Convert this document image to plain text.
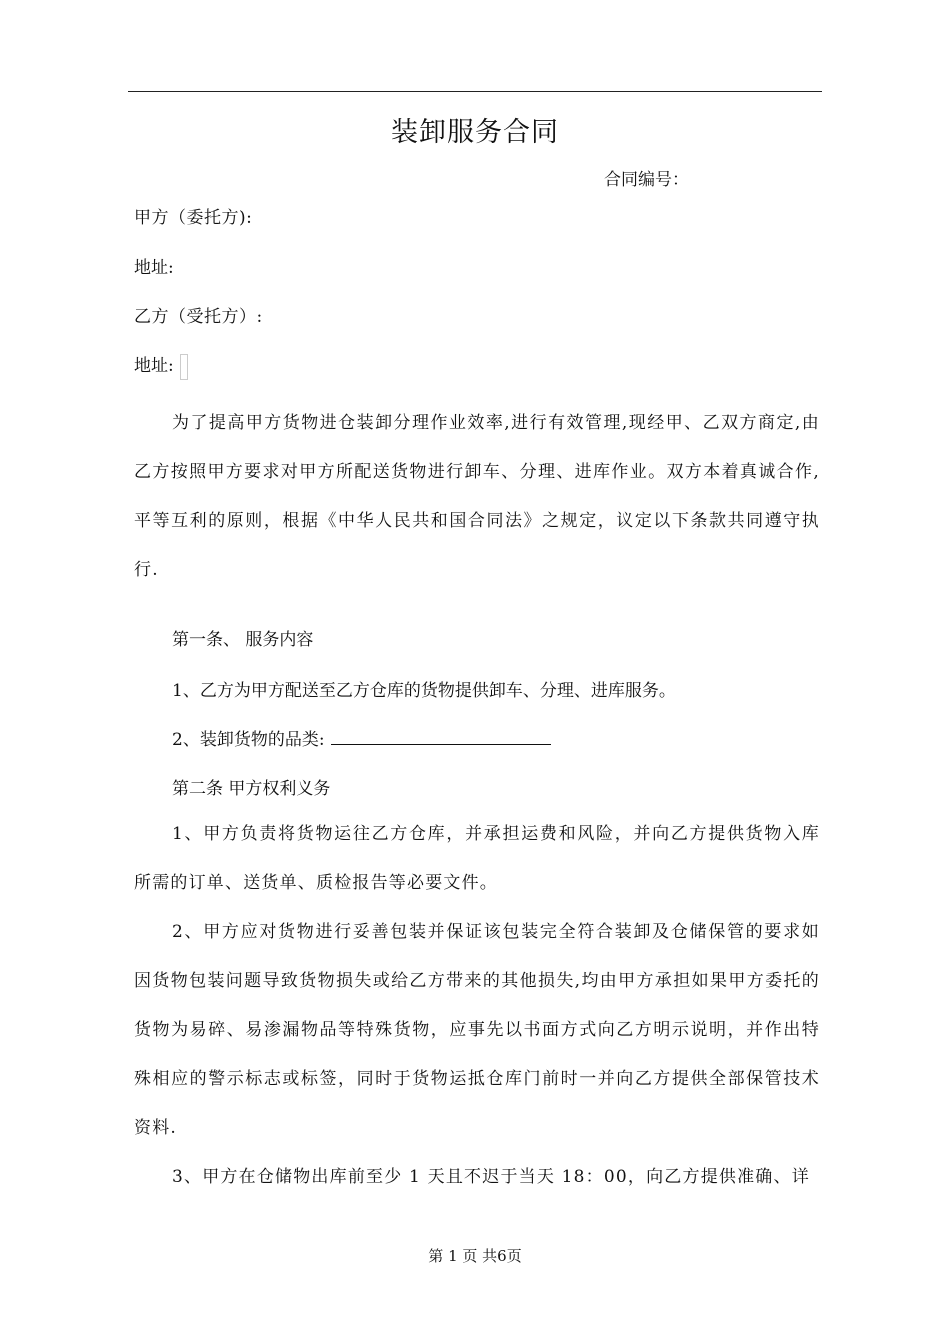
装卸服务合同
合同编号：
甲方（委托方):
地址:
乙方（受托方）:
地址:
为了提高甲方货物进仓装卸分理作业效率,进行有效管理,现经甲、乙双方商定,由乙方按照甲方要求对甲方所配送货物进行卸车、分理、进库作业。双方本着真诚合作,平等互利的原则，根据《中华人民共和国合同法》之规定，议定以下条款共同遵守执行.
第一条、 服务内容
1、乙方为甲方配送至乙方仓库的货物提供卸车、分理、进库服务。
2、装卸货物的品类:
第二条 甲方权利义务
1、甲方负责将货物运往乙方仓库，并承担运费和风险，并向乙方提供货物入库所需的订单、送货单、质检报告等必要文件。
2、甲方应对货物进行妥善包装并保证该包装完全符合装卸及仓储保管的要求如因货物包装问题导致货物损失或给乙方带来的其他损失,均由甲方承担如果甲方委托的货物为易碎、易渗漏物品等特殊货物，应事先以书面方式向乙方明示说明，并作出特殊相应的警示标志或标签，同时于货物运抵仓库门前时一并向乙方提供全部保管技术资料.
3、甲方在仓储物出库前至少 1 天且不迟于当天 18：00，向乙方提供准确、详
第 1 页 共6页
